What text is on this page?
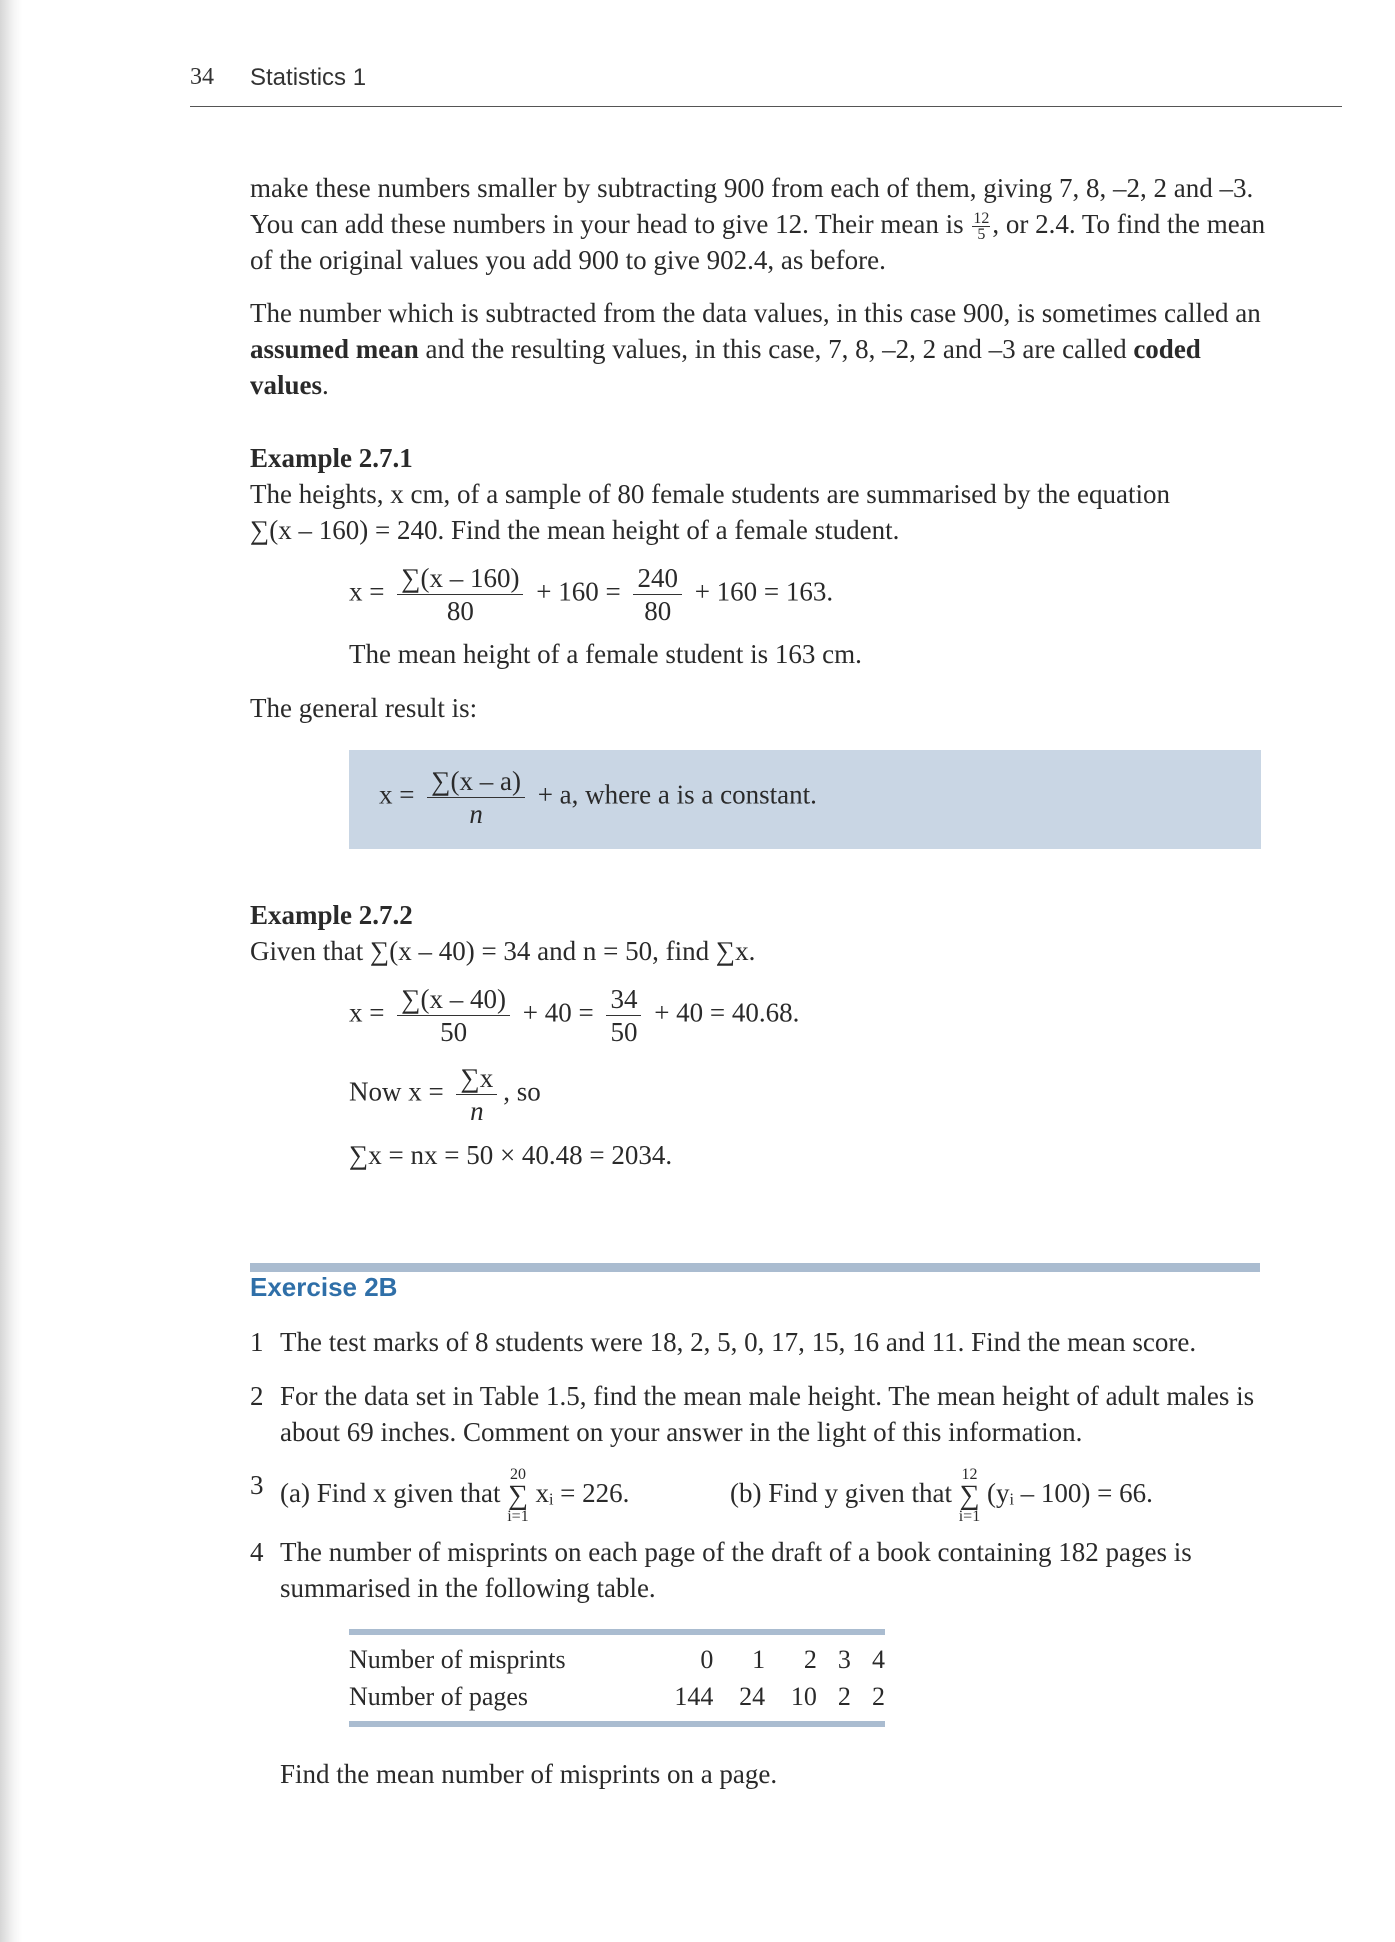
34 Statistics 1
make these numbers smaller by subtracting 900 from each of them, giving 7, 8, –2, 2 and –3.
You can add these numbers in your head to give 12. Their mean is $\frac{12}{5}$ , or 2.4. To find the mean
of the original values you add 900 to give 902.4, as before.
The number which is subtracted from the data values, in this case 900, is sometimes called an
assumed mean and the resulting values, in this case, 7, 8, –2, 2 and –3 are called coded
values.
Example 2.7.1
The heights, x cm, of a sample of 80 female students are summarised by the equation
∑(x – 160) = 240. Find the mean height of a female student.
$x = \frac{\sum(x - 160)}{80} + 160 = \frac{240}{80} + 160 = 163$.
The mean height of a female student is 163 cm.
The general result is:
$x = \frac{\sum(x - a)}{n} + a$, where a is a constant.
Example 2.7.2
Given that ∑(x – 40) = 34 and n = 50, find ∑x.
$x = \frac{\sum(x - 40)}{50} + 40 = \frac{34}{50} + 40 = 40.68$.
Now $x = \frac{\sum x}{n}$ , so
∑x = nx = 50 × 40.48 = 2034.
Exercise 2B
1 The test marks of 8 students were 18, 2, 5, 0, 17, 15, 16 and 11. Find the mean score.
2 For the data set in Table 1.5, find the mean male height. The mean height of adult males is
about 69 inches. Comment on your answer in the light of this information.
3 (a) Find x given that
20
∑
i=1
xᵢ = 226.	(b) Find y given that
12
∑
i=1
(yᵢ – 100) = 66.
4 The number of misprints on each page of the draft of a book containing 182 pages is
summarised in the following table.
Number of misprints	0	1	2	3	4
Number of pages	144	24	10	2	2
Find the mean number of misprints on a page.
